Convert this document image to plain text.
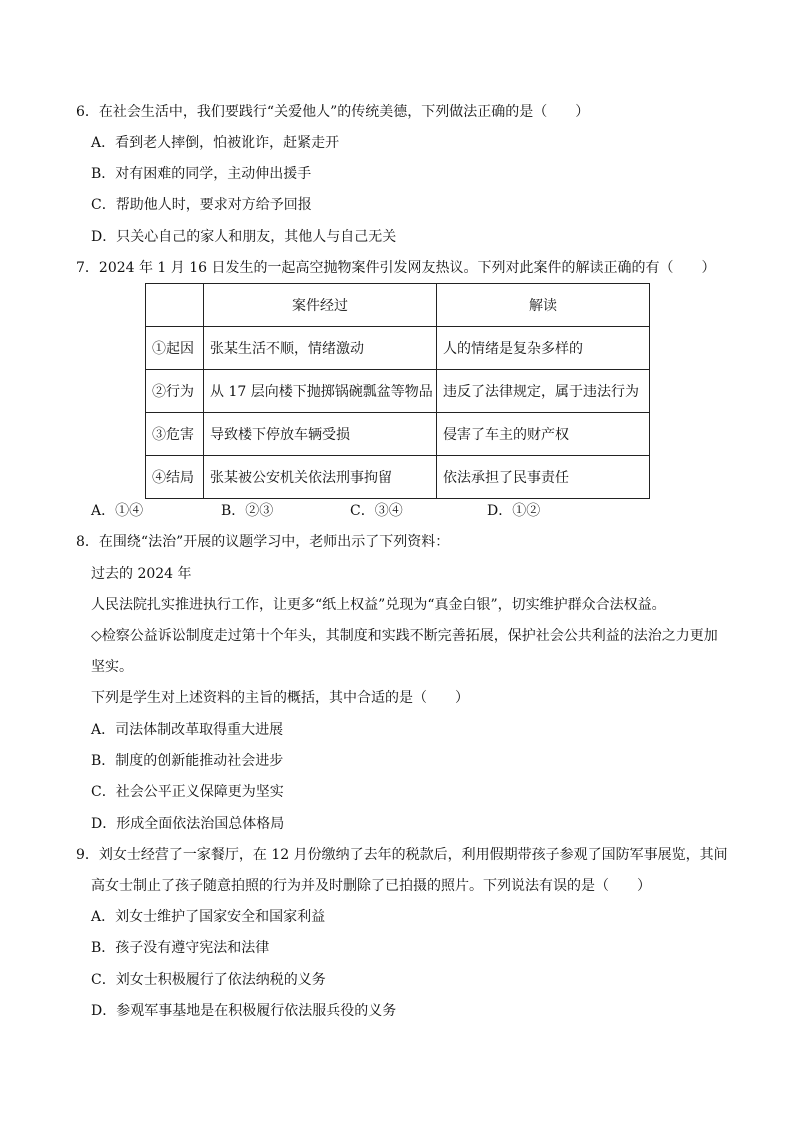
6．在社会生活中，我们要践行“关爱他人”的传统美德，下列做法正确的是（　　）
A．看到老人摔倒，怕被讹诈，赶紧走开
B．对有困难的同学，主动伸出援手
C．帮助他人时，要求对方给予回报
D．只关心自己的家人和朋友，其他人与自己无关
7．2024 年 1 月 16 日发生的一起高空抛物案件引发网友热议。下列对此案件的解读正确的有（　　）
	案件经过	解读
①起因	张某生活不顺，情绪激动	人的情绪是复杂多样的
②行为	从 17 层向楼下抛掷锅碗瓢盆等物品	违反了法律规定，属于违法行为
③危害	导致楼下停放车辆受损	侵害了车主的财产权
④结局	张某被公安机关依法刑事拘留	依法承担了民事责任
A．①④	B．②③	C．③④	D．①②
8．在围绕“法治”开展的议题学习中，老师出示了下列资料：
过去的 2024 年
人民法院扎实推进执行工作，让更多“纸上权益”兑现为“真金白银”，切实维护群众合法权益。
◇检察公益诉讼制度走过第十个年头，其制度和实践不断完善拓展，保护社会公共利益的法治之力更加
坚实。
下列是学生对上述资料的主旨的概括，其中合适的是（　　）
A．司法体制改革取得重大进展
B．制度的创新能推动社会进步
C．社会公平正义保障更为坚实
D．形成全面依法治国总体格局
9．刘女士经营了一家餐厅，在 12 月份缴纳了去年的税款后，利用假期带孩子参观了国防军事展览，其间
高女士制止了孩子随意拍照的行为并及时删除了已拍摄的照片。下列说法有误的是（　　）
A．刘女士维护了国家安全和国家利益
B．孩子没有遵守宪法和法律
C．刘女士积极履行了依法纳税的义务
D．参观军事基地是在积极履行依法服兵役的义务
